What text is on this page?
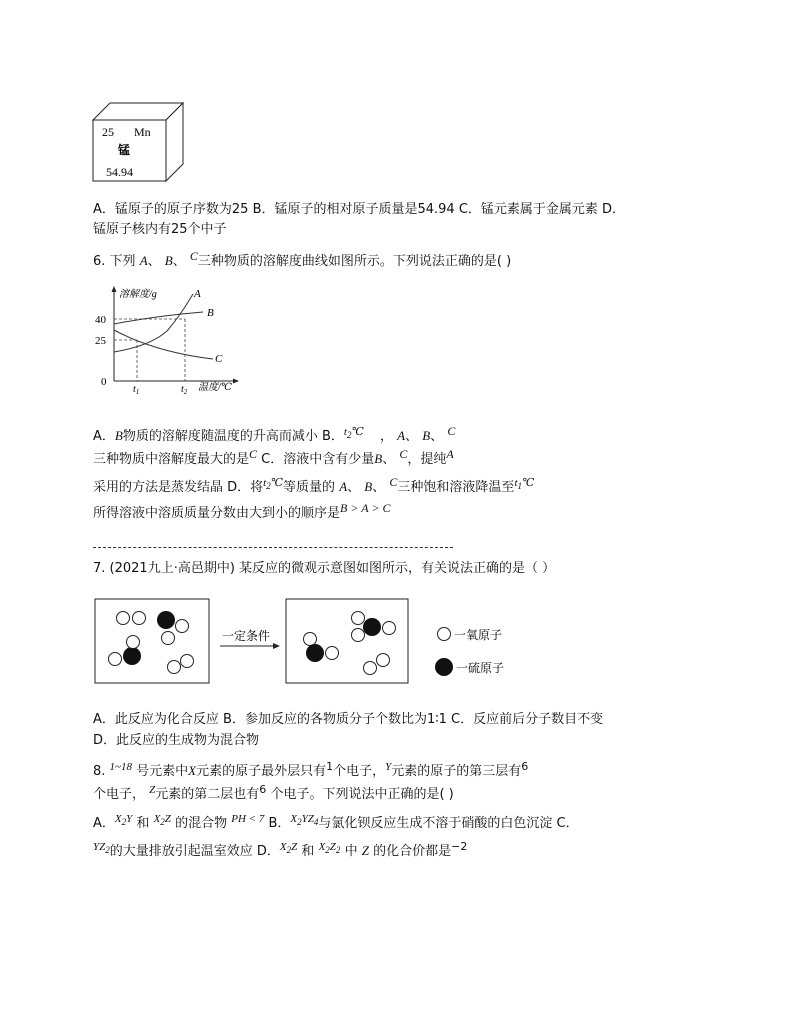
25 Mn
锰
54.94
A．锰原子的原子序数为25 B．锰原子的相对原子质量是54.94 C．锰元素属于金属元素 D．
锰原子核内有25个中子
6. 下列 A、 B、 C三种物质的溶解度曲线如图所示。下列说法正确的是( )
溶解度/g
温度/℃
0
40
25
$t_1$	$t_2$
A
B
C
A．B物质的溶解度随温度的升高而减小 B．$^{t_2℃}$ ， A、 B、 C
三种物质中溶解度最大的是C C．溶液中含有少量B、 C，提纯A
采用的方法是蒸发结晶 D．将$^{t_2℃}$等质量的 A、 B、 C三种饱和溶液降温至$^{t_1℃}$
所得溶液中溶质质量分数由大到小的顺序是B > A > C
7. (2021九上·高邑期中) 某反应的微观示意图如图所示，有关说法正确的是（ ）
一定条件	一氧原子
一硫原子
A．此反应为化合反应 B．参加反应的各物质分子个数比为1∶1 C．反应前后分子数目不变
D．此反应的生成物为混合物
8. $^{1\sim 18}$ 号元素中X元素的原子最外层只有$^1$个电子，$^Y$元素的原子的第三层有$^6$
个电子， $^Z$元素的第二层也有$^6$ 个电子。下列说法中正确的是( )
A．$^{X_2Y}$ 和 $^{X_2Z}$ 的混合物 $^{PH < 7}$ B．$^{X_2YZ_4}$与氯化钡反应生成不溶于硝酸的白色沉淀 C．
$^{YZ_2}$的大量排放引起温室效应 D．$^{X_2Z}$ 和 $^{X_2Z_2}$ 中 Z 的化合价都是$^{-2}$
